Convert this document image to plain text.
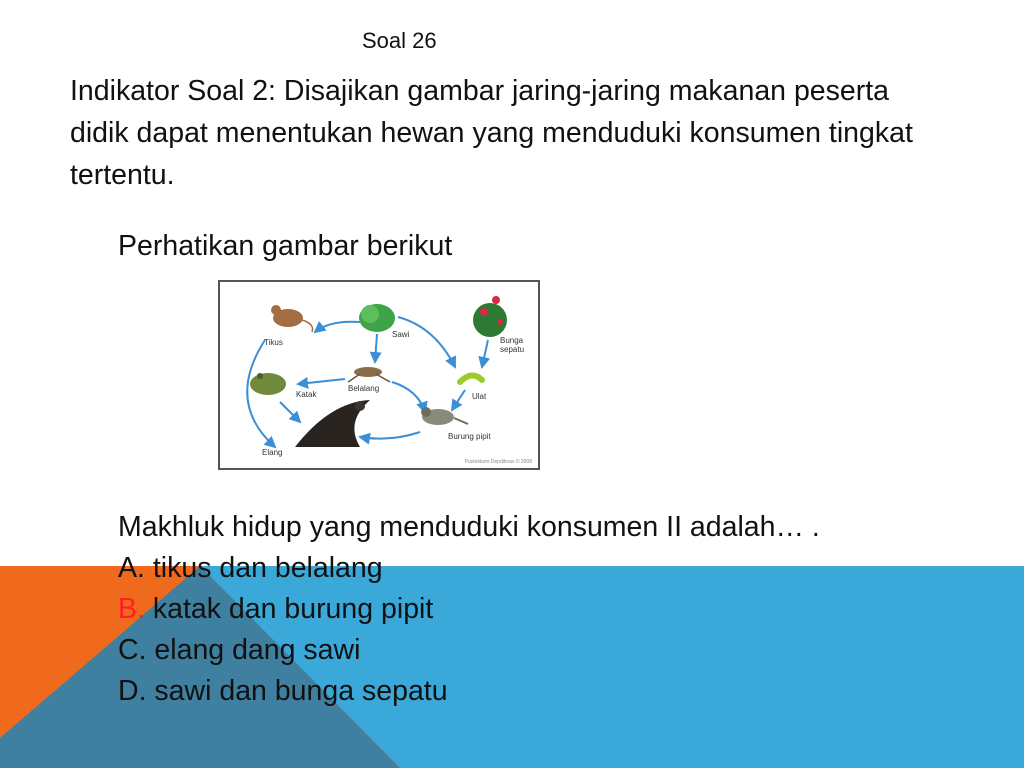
Soal 26

Indikator Soal 2: Disajikan gambar jaring-jaring makanan peserta didik dapat menentukan hewan yang menduduki konsumen tingkat tertentu.

Perhatikan gambar berikut

Tikus
Sawi
Bunga
sepatu
Katak
Belalang
Ulat
Elang
Burung pipit
Pustekkom Depdiknas © 2008

Makhluk hidup yang menduduki konsumen II adalah… .

A. tikus dan belalang

B. katak dan burung pipit

C. elang dang sawi

D. sawi dan bunga sepatu
